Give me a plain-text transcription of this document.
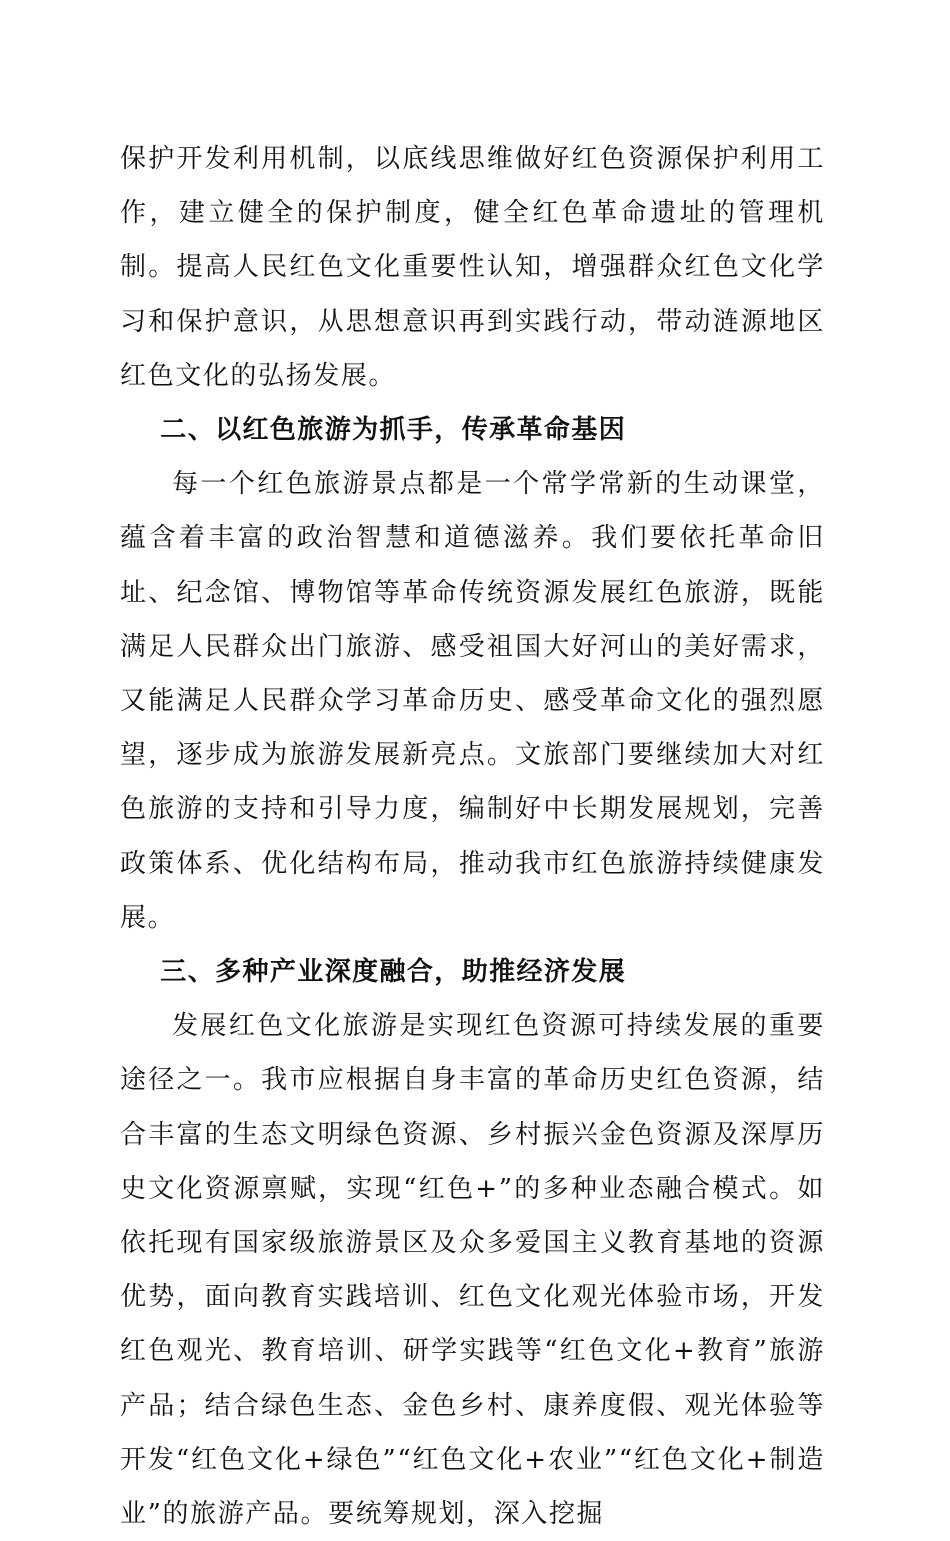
保护开发利用机制，以底线思维做好红色资源保护利用工作，建立健全的保护制度，健全红色革命遗址的管理机制。提高人民红色文化重要性认知，增强群众红色文化学习和保护意识，从思想意识再到实践行动，带动涟源地区红色文化的弘扬发展。

二、以红色旅游为抓手，传承革命基因

每一个红色旅游景点都是一个常学常新的生动课堂，蕴含着丰富的政治智慧和道德滋养。我们要依托革命旧址、纪念馆、博物馆等革命传统资源发展红色旅游，既能满足人民群众出门旅游、感受祖国大好河山的美好需求，又能满足人民群众学习革命历史、感受革命文化的强烈愿望，逐步成为旅游发展新亮点。文旅部门要继续加大对红色旅游的支持和引导力度，编制好中长期发展规划，完善政策体系、优化结构布局，推动我市红色旅游持续健康发展。

三、多种产业深度融合，助推经济发展

发展红色文化旅游是实现红色资源可持续发展的重要途径之一。我市应根据自身丰富的革命历史红色资源，结合丰富的生态文明绿色资源、乡村振兴金色资源及深厚历史文化资源禀赋，实现“红色+”的多种业态融合模式。如依托现有国家级旅游景区及众多爱国主义教育基地的资源优势，面向教育实践培训、红色文化观光体验市场，开发红色观光、教育培训、研学实践等“红色文化+教育”旅游产品；结合绿色生态、金色乡村、康养度假、观光体验等开发“红色文化+绿色”“红色文化+农业”“红色文化+制造业”的旅游产品。要统筹规划，深入挖掘
